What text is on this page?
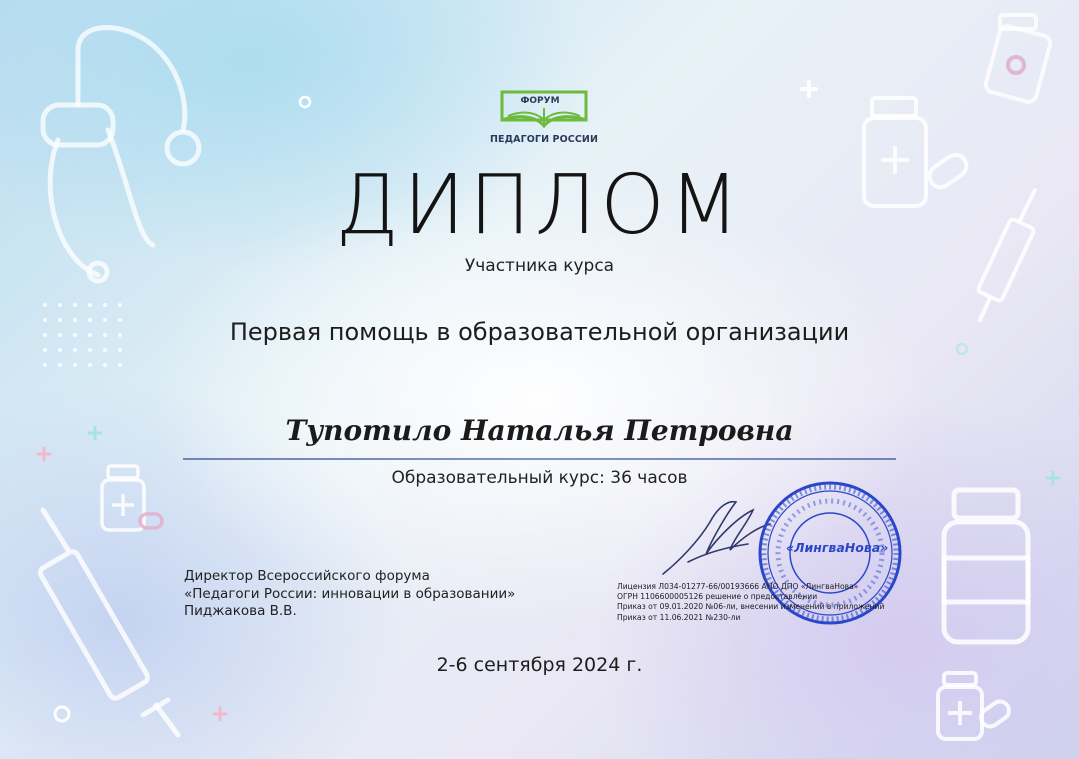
ФОРУМ
ПЕДАГОГИ РОССИИ
ДИПЛОМ
Участника курса
Первая помощь в образовательной организации
Тупотило Наталья Петровна
Образовательный курс: 36 часов
Директор Всероссийского форума
«Педагоги России: инновации в образовании»
Пиджакова В.В.
«ЛингваНова»
Лицензия Л034-01277-66/00193666 АНО ДПО «ЛингваНова»
ОГРН 1106600005126 решение о предоставлении
Приказ от 09.01.2020 №06-ли, внесении изменений в приложений
Приказ от 11.06.2021 №230-ли
2-6 сентября 2024 г.
